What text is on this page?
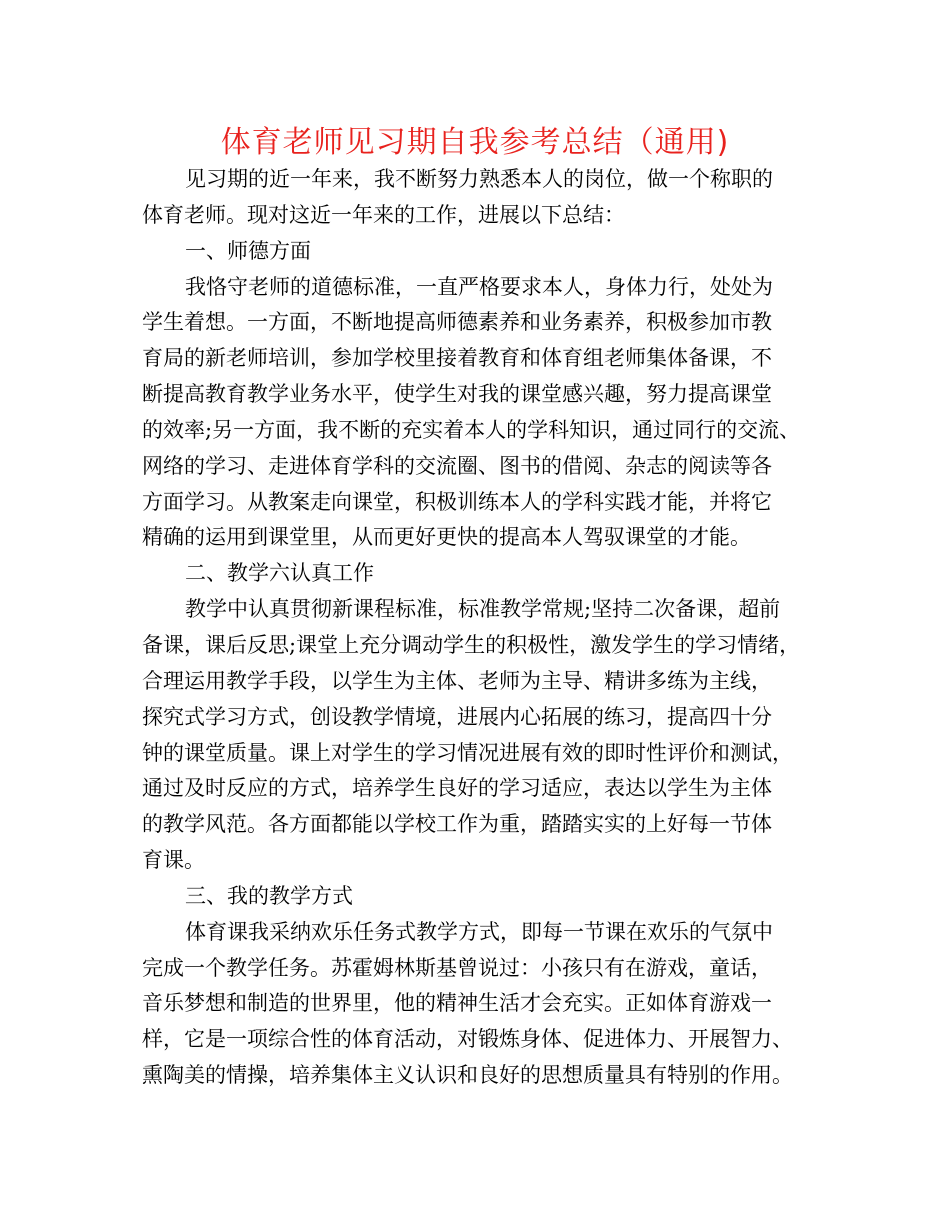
体育老师见习期自我参考总结（通用)
见习期的近一年来，我不断努力熟悉本人的岗位，做一个称职的
体育老师。现对这近一年来的工作，进展以下总结：
一、师德方面
我恪守老师的道德标准，一直严格要求本人，身体力行，处处为
学生着想。一方面，不断地提高师德素养和业务素养，积极参加市教
育局的新老师培训，参加学校里接着教育和体育组老师集体备课，不
断提高教育教学业务水平，使学生对我的课堂感兴趣，努力提高课堂
的效率;另一方面，我不断的充实着本人的学科知识，通过同行的交流、
网络的学习、走进体育学科的交流圈、图书的借阅、杂志的阅读等各
方面学习。从教案走向课堂，积极训练本人的学科实践才能，并将它
精确的运用到课堂里，从而更好更快的提高本人驾驭课堂的才能。
二、教学六认真工作
教学中认真贯彻新课程标准，标准教学常规;坚持二次备课，超前
备课，课后反思;课堂上充分调动学生的积极性，激发学生的学习情绪，
合理运用教学手段，以学生为主体、老师为主导、精讲多练为主线，
探究式学习方式，创设教学情境，进展内心拓展的练习，提高四十分
钟的课堂质量。课上对学生的学习情况进展有效的即时性评价和测试，
通过及时反应的方式，培养学生良好的学习适应，表达以学生为主体
的教学风范。各方面都能以学校工作为重，踏踏实实的上好每一节体
育课。
三、我的教学方式
体育课我采纳欢乐任务式教学方式，即每一节课在欢乐的气氛中
完成一个教学任务。苏霍姆林斯基曾说过：小孩只有在游戏，童话，
音乐梦想和制造的世界里，他的精神生活才会充实。正如体育游戏一
样，它是一项综合性的体育活动，对锻炼身体、促进体力、开展智力、
熏陶美的情操，培养集体主义认识和良好的思想质量具有特别的作用。
